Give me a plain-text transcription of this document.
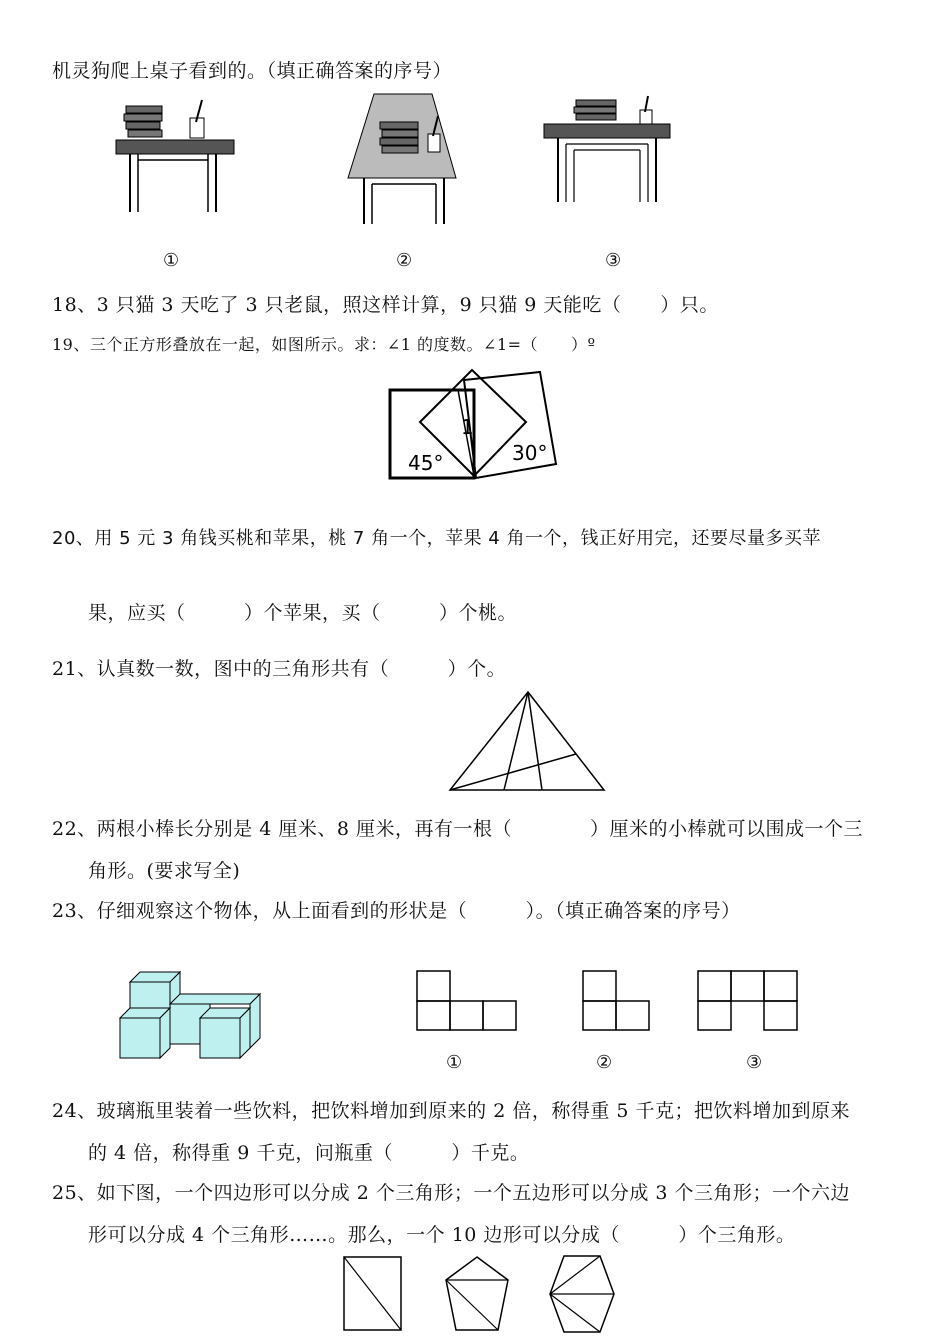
机灵狗爬上桌子看到的。（填正确答案的序号）
①	②	③
18、3 只猫 3 天吃了 3 只老鼠，照这样计算，9 只猫 9 天能吃（　　）只。
19、三个正方形叠放在一起，如图所示。求：∠1 的度数。∠1=（　　）º
45°	30°
1
20、用 5 元 3 角钱买桃和苹果，桃 7 角一个，苹果 4 角一个，钱正好用完，还要尽量多买苹
果，应买（　　　）个苹果，买（　　　）个桃。
21、认真数一数，图中的三角形共有（　　　）个。
22、两根小棒长分别是 4 厘米、8 厘米，再有一根（　　　　）厘米的小棒就可以围成一个三
角形。(要求写全)
23、仔细观察这个物体，从上面看到的形状是（　　　）。（填正确答案的序号）
①	②	③
24、玻璃瓶里装着一些饮料，把饮料增加到原来的 2 倍，称得重 5 千克；把饮料增加到原来
的 4 倍，称得重 9 千克，问瓶重（　　　）千克。
25、如下图，一个四边形可以分成 2 个三角形；一个五边形可以分成 3 个三角形；一个六边
形可以分成 4 个三角形……。那么，一个 10 边形可以分成（　　　）个三角形。
